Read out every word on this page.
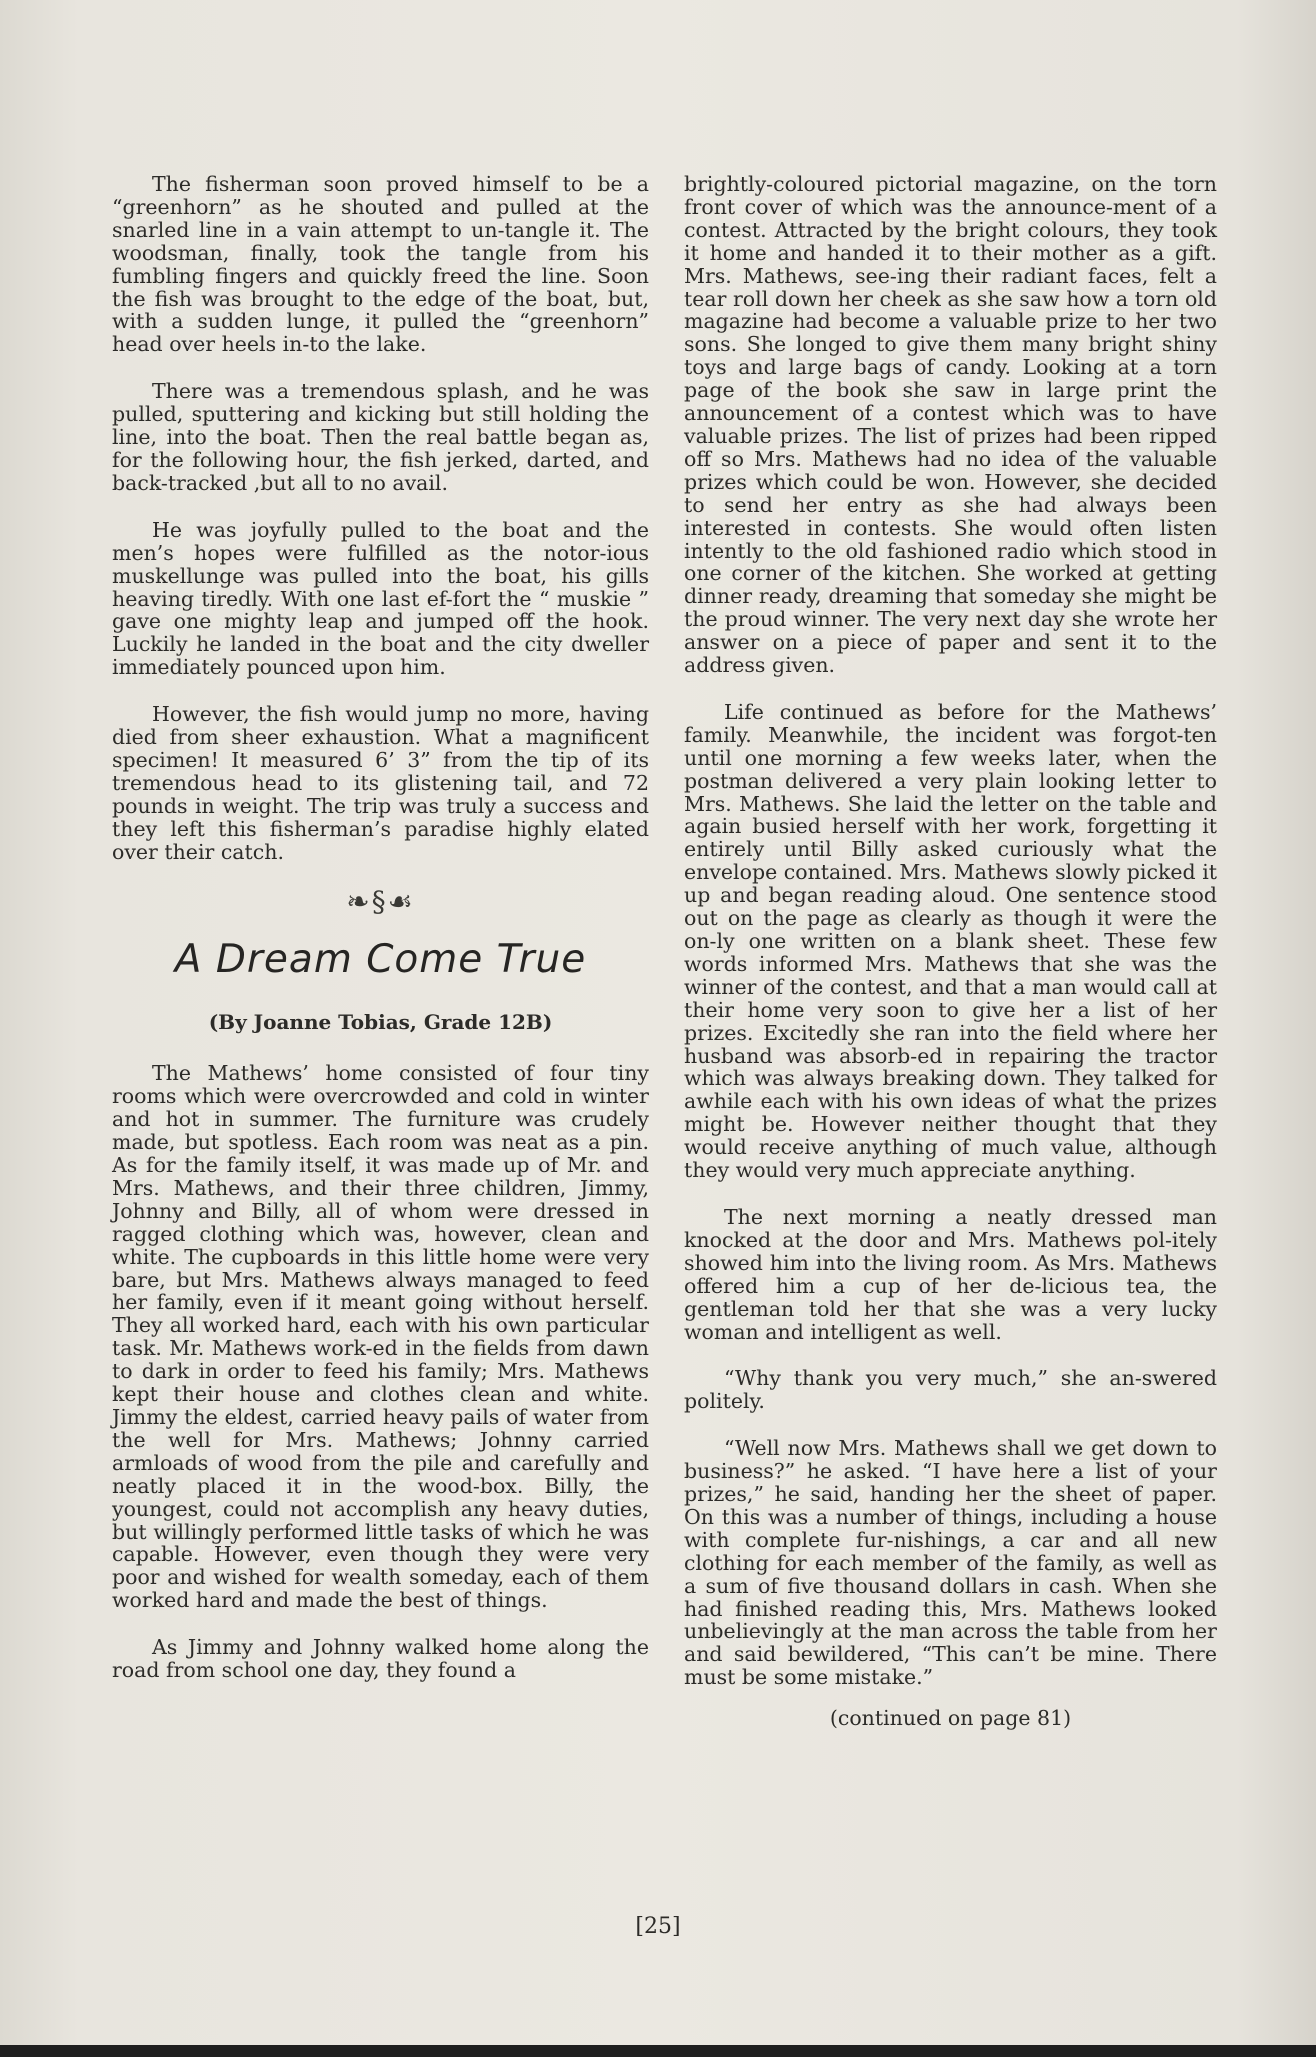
The fisherman soon proved himself to be a “greenhorn” as he shouted and pulled at the snarled line in a vain attempt to un-tangle it. The woodsman, finally, took the tangle from his fumbling fingers and quickly freed the line. Soon the fish was brought to the edge of the boat, but, with a sudden lunge, it pulled the “greenhorn” head over heels in-to the lake.

There was a tremendous splash, and he was pulled, sputtering and kicking but still holding the line, into the boat. Then the real battle began as, for the following hour, the fish jerked, darted, and back-tracked ,but all to no avail.

He was joyfully pulled to the boat and the men’s hopes were fulfilled as the notor-ious muskellunge was pulled into the boat, his gills heaving tiredly. With one last ef-fort the “ muskie ” gave one mighty leap and jumped off the hook. Luckily he landed in the boat and the city dweller immediately pounced upon him.

However, the fish would jump no more, having died from sheer exhaustion. What a magnificent specimen! It measured 6’ 3” from the tip of its tremendous head to its glistening tail, and 72 pounds in weight. The trip was truly a success and they left this fisherman’s paradise highly elated over their catch.

❧§☙
A Dream Come True
(By Joanne Tobias, Grade 12B)

The Mathews’ home consisted of four tiny rooms which were overcrowded and cold in winter and hot in summer. The furniture was crudely made, but spotless. Each room was neat as a pin. As for the family itself, it was made up of Mr. and Mrs. Mathews, and their three children, Jimmy, Johnny and Billy, all of whom were dressed in ragged clothing which was, however, clean and white. The cupboards in this little home were very bare, but Mrs. Mathews always managed to feed her family, even if it meant going without herself. They all worked hard, each with his own particular task. Mr. Mathews work-ed in the fields from dawn to dark in order to feed his family; Mrs. Mathews kept their house and clothes clean and white. Jimmy the eldest, carried heavy pails of water from the well for Mrs. Mathews; Johnny carried armloads of wood from the pile and carefully and neatly placed it in the wood-box. Billy, the youngest, could not accomplish any heavy duties, but willingly performed little tasks of which he was capable. However, even though they were very poor and wished for wealth someday, each of them worked hard and made the best of things.

As Jimmy and Johnny walked home along the road from school one day, they found a

brightly-coloured pictorial magazine, on the torn front cover of which was the announce-ment of a contest. Attracted by the bright colours, they took it home and handed it to their mother as a gift. Mrs. Mathews, see-ing their radiant faces, felt a tear roll down her cheek as she saw how a torn old magazine had become a valuable prize to her two sons. She longed to give them many bright shiny toys and large bags of candy. Looking at a torn page of the book she saw in large print the announcement of a contest which was to have valuable prizes. The list of prizes had been ripped off so Mrs. Mathews had no idea of the valuable prizes which could be won. However, she decided to send her entry as she had always been interested in contests. She would often listen intently to the old fashioned radio which stood in one corner of the kitchen. She worked at getting dinner ready, dreaming that someday she might be the proud winner. The very next day she wrote her answer on a piece of paper and sent it to the address given.

Life continued as before for the Mathews’ family. Meanwhile, the incident was forgot-ten until one morning a few weeks later, when the postman delivered a very plain looking letter to Mrs. Mathews. She laid the letter on the table and again busied herself with her work, forgetting it entirely until Billy asked curiously what the envelope contained. Mrs. Mathews slowly picked it up and began reading aloud. One sentence stood out on the page as clearly as though it were the on-ly one written on a blank sheet. These few words informed Mrs. Mathews that she was the winner of the contest, and that a man would call at their home very soon to give her a list of her prizes. Excitedly she ran into the field where her husband was absorb-ed in repairing the tractor which was always breaking down. They talked for awhile each with his own ideas of what the prizes might be. However neither thought that they would receive anything of much value, although they would very much appreciate anything.

The next morning a neatly dressed man knocked at the door and Mrs. Mathews pol-itely showed him into the living room. As Mrs. Mathews offered him a cup of her de-licious tea, the gentleman told her that she was a very lucky woman and intelligent as well.

“Why thank you very much,” she an-swered politely.

“Well now Mrs. Mathews shall we get down to business?” he asked. “I have here a list of your prizes,” he said, handing her the sheet of paper. On this was a number of things, including a house with complete fur-nishings, a car and all new clothing for each member of the family, as well as a sum of five thousand dollars in cash. When she had finished reading this, Mrs. Mathews looked unbelievingly at the man across the table from her and said bewildered, “This can’t be mine. There must be some mistake.”

(continued on page 81)

[25]
